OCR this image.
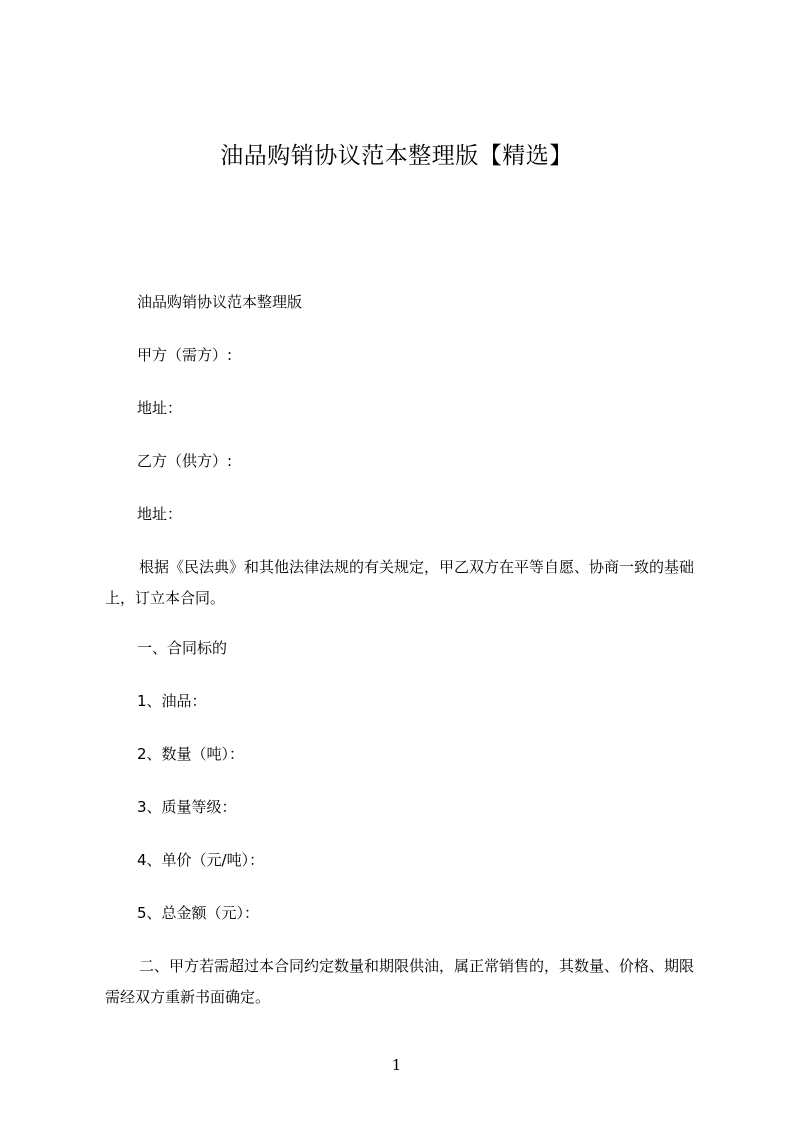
油品购销协议范本整理版【精选】
油品购销协议范本整理版
甲方（需方）:
地址：
乙方（供方）:
地址：
根据《民法典》和其他法律法规的有关规定，甲乙双方在平等自愿、协商一致的基础上，订立本合同。
一、合同标的
1、油品：
2、数量（吨）：
3、质量等级：
4、单价（元/吨）：
5、总金额（元）：
二、甲方若需超过本合同约定数量和期限供油，属正常销售的，其数量、价格、期限需经双方重新书面确定。
1
